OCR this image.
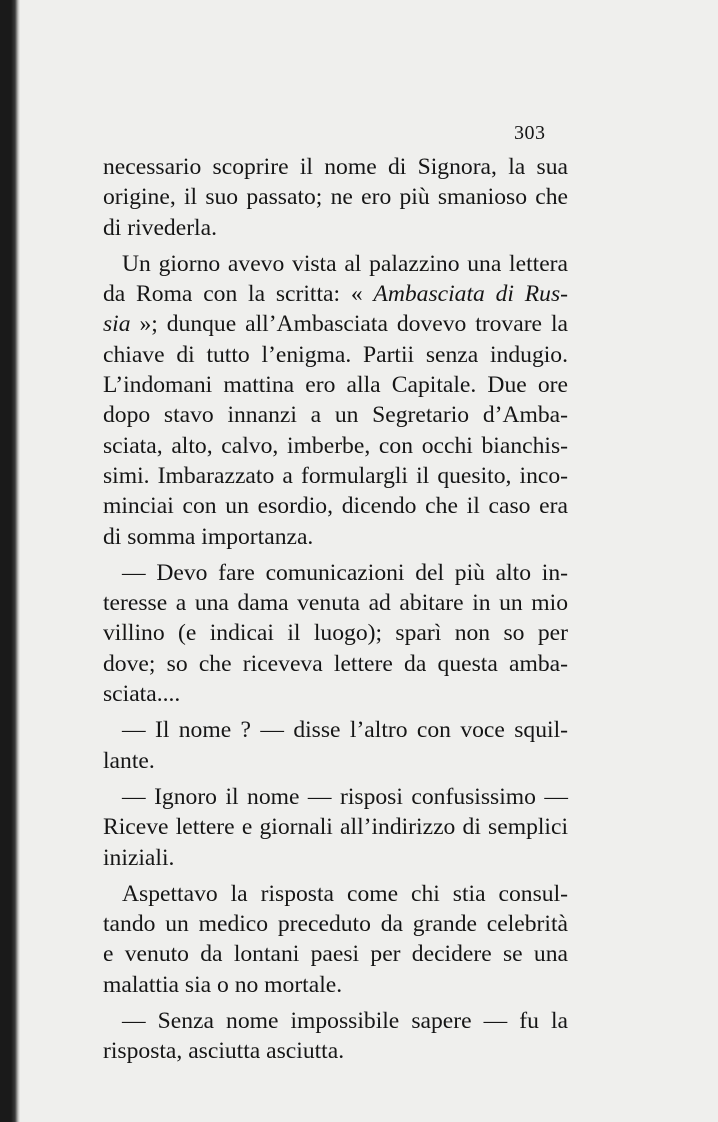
303

necessario scoprire il nome di Signora, la sua
origine, il suo passato; ne ero più smanioso che
di rivederla.

Un giorno avevo vista al palazzino una lettera
da Roma con la scritta: « Ambasciata di Rus-
sia »; dunque all’Ambasciata dovevo trovare la
chiave di tutto l’enigma. Partii senza indugio.
L’indomani mattina ero alla Capitale. Due ore
dopo stavo innanzi a un Segretario d’Amba-
sciata, alto, calvo, imberbe, con occhi bianchis-
simi. Imbarazzato a formulargli il quesito, inco-
minciai con un esordio, dicendo che il caso era
di somma importanza.

— Devo fare comunicazioni del più alto in-
teresse a una dama venuta ad abitare in un mio
villino (e indicai il luogo); sparì non so per
dove; so che riceveva lettere da questa amba-
sciata....

— Il nome ? — disse l’altro con voce squil-
lante.

— Ignoro il nome — risposi confusissimo —
Riceve lettere e giornali all’indirizzo di semplici
iniziali.

Aspettavo la risposta come chi stia consul-
tando un medico preceduto da grande celebrità
e venuto da lontani paesi per decidere se una
malattia sia o no mortale.

— Senza nome impossibile sapere — fu la
risposta, asciutta asciutta.
